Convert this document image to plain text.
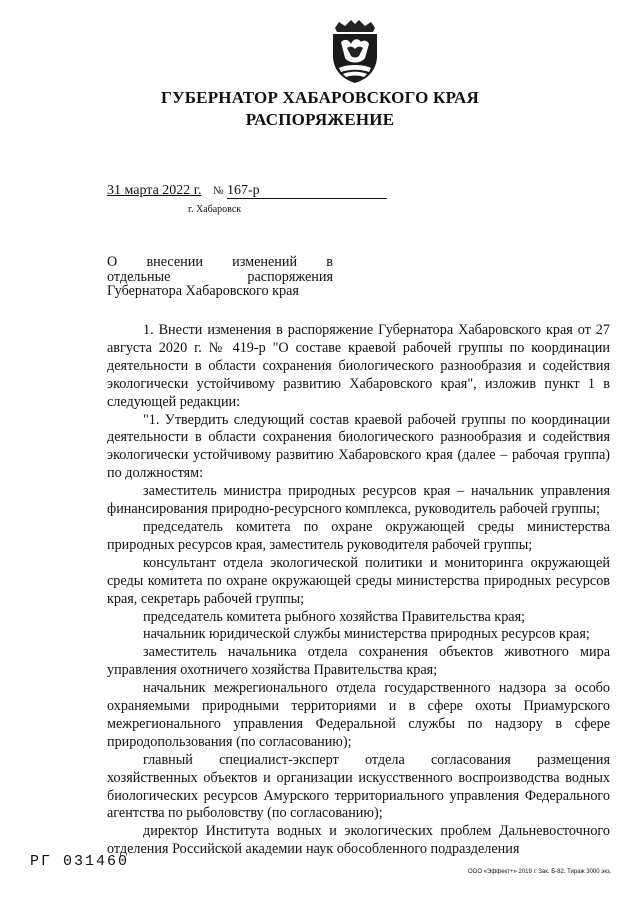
ГУБЕРНАТОР ХАБАРОВСКОГО КРАЯ
РАСПОРЯЖЕНИЕ
31 марта 2022 г. № 167-р
г. Хабаровск
О внесении изменений в
отдельные распоряжения
Губернатора Хабаровского края

1. Внести изменения в распоряжение Губернатора Хабаровского края от 27 августа 2020 г. № 419-р "О составе краевой рабочей группы по координации деятельности в области сохранения биологического разнообразия и содействия экологически устойчивому развитию Хабаровского края", изложив пункт 1 в следующей редакции:

"1. Утвердить следующий состав краевой рабочей группы по координации деятельности в области сохранения биологического разнообразия и содействия экологически устойчивому развитию Хабаровского края (далее – рабочая группа) по должностям:

заместитель министра природных ресурсов края – начальник управления финансирования природно-ресурсного комплекса, руководитель рабочей группы;

председатель комитета по охране окружающей среды министерства природных ресурсов края, заместитель руководителя рабочей группы;

консультант отдела экологической политики и мониторинга окружающей среды комитета по охране окружающей среды министерства природных ресурсов края, секретарь рабочей группы;

председатель комитета рыбного хозяйства Правительства края;

начальник юридической службы министерства природных ресурсов края;

заместитель начальника отдела сохранения объектов животного мира управления охотничего хозяйства Правительства края;

начальник межрегионального отдела государственного надзора за особо охраняемыми природными территориями и в сфере охоты Приамурского межрегионального управления Федеральной службы по надзору в сфере природопользования (по согласованию);

главный специалист-эксперт отдела согласования размещения хозяйственных объектов и организации искусственного воспроизводства водных биологических ресурсов Амурского территориального управления Федерального агентства по рыболовству (по согласованию);

директор Института водных и экологических проблем Дальневосточного отделения Российской академии наук обособленного подразделения

РГ 031460
ООО «Эффект+» 2019 г. Зак. Б-82. Тираж 3000 экз.
